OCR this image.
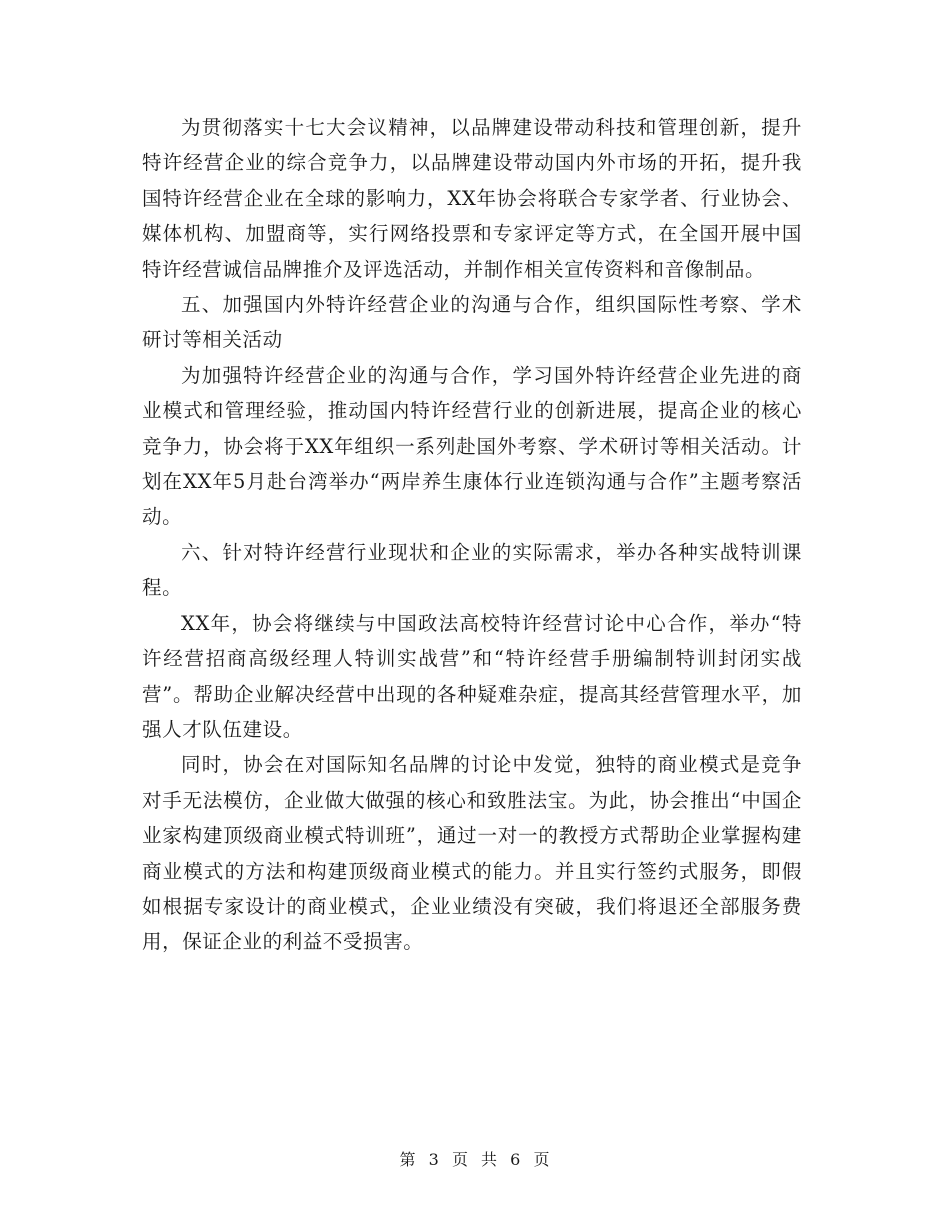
为贯彻落实十七大会议精神，以品牌建设带动科技和管理创新，提升特许经营企业的综合竞争力，以品牌建设带动国内外市场的开拓，提升我国特许经营企业在全球的影响力，XX年协会将联合专家学者、行业协会、媒体机构、加盟商等，实行网络投票和专家评定等方式，在全国开展中国特许经营诚信品牌推介及评选活动，并制作相关宣传资料和音像制品。

五、加强国内外特许经营企业的沟通与合作，组织国际性考察、学术研讨等相关活动

为加强特许经营企业的沟通与合作，学习国外特许经营企业先进的商业模式和管理经验，推动国内特许经营行业的创新进展，提高企业的核心竞争力，协会将于XX年组织一系列赴国外考察、学术研讨等相关活动。计划在XX年5月赴台湾举办“两岸养生康体行业连锁沟通与合作”主题考察活动。

六、针对特许经营行业现状和企业的实际需求，举办各种实战特训课程。

XX年，协会将继续与中国政法高校特许经营讨论中心合作，举办“特许经营招商高级经理人特训实战营”和“特许经营手册编制特训封闭实战营”。帮助企业解决经营中出现的各种疑难杂症，提高其经营管理水平，加强人才队伍建设。

同时，协会在对国际知名品牌的讨论中发觉，独特的商业模式是竞争对手无法模仿，企业做大做强的核心和致胜法宝。为此，协会推出“中国企业家构建顶级商业模式特训班”，通过一对一的教授方式帮助企业掌握构建商业模式的方法和构建顶级商业模式的能力。并且实行签约式服务，即假如根据专家设计的商业模式，企业业绩没有突破，我们将退还全部服务费用，保证企业的利益不受损害。

第 3 页 共 6 页
